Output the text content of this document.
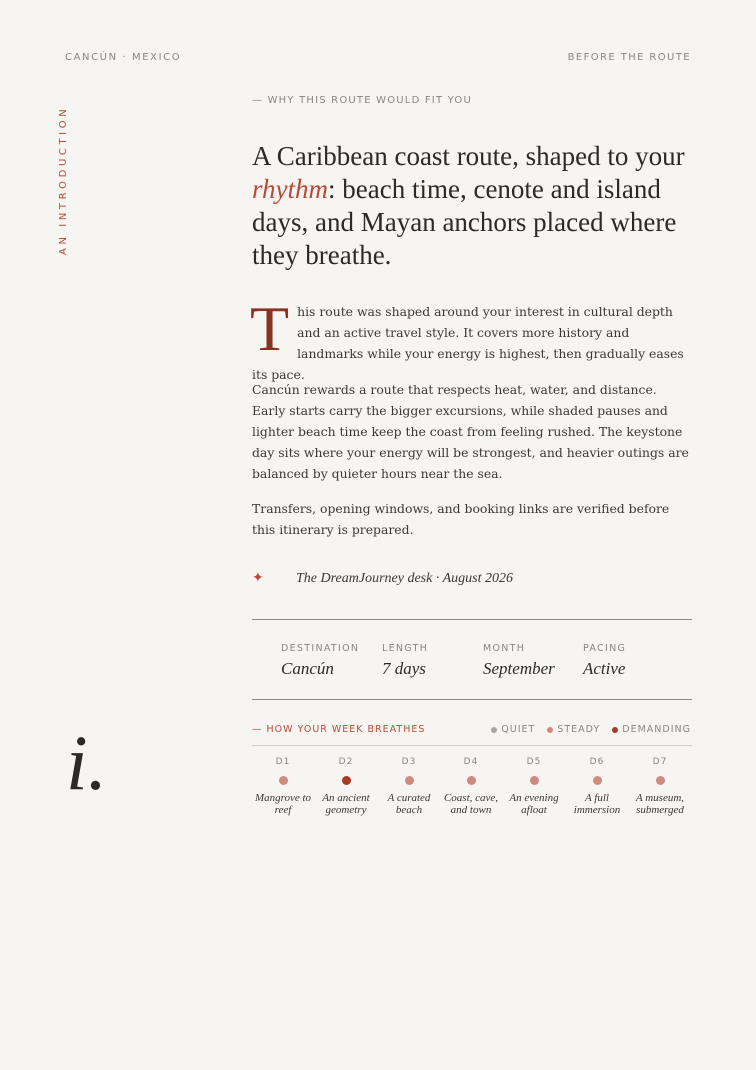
CANCÚN · MEXICO	BEFORE THE ROUTE
AN INTRODUCTION
— WHY THIS ROUTE WOULD FIT YOU
A Caribbean coast route, shaped to your rhythm: beach time, cenote and island days, and Mayan anchors placed where they breathe.
This route was shaped around your interest in cultural depth and an active travel style. It covers more history and landmarks while your energy is highest, then gradually eases its pace.
Cancún rewards a route that respects heat, water, and distance. Early starts carry the bigger excursions, while shaded pauses and lighter beach time keep the coast from feeling rushed. The keystone day sits where your energy will be strongest, and heavier outings are balanced by quieter hours near the sea.
Transfers, opening windows, and booking links are verified before this itinerary is prepared.
✦ The DreamJourney desk · August 2026
DESTINATION
Cancún
LENGTH
7 days
MONTH
September
PACING
Active
— HOW YOUR WEEK BREATHES	QUIET STEADY DEMANDING
D1
Mangrove to reef
D2
An ancient geometry
D3
A curated beach
D4
Coast, cave, and town
D5
An evening afloat
D6
A full immersion
D7
A museum, submerged
i.
